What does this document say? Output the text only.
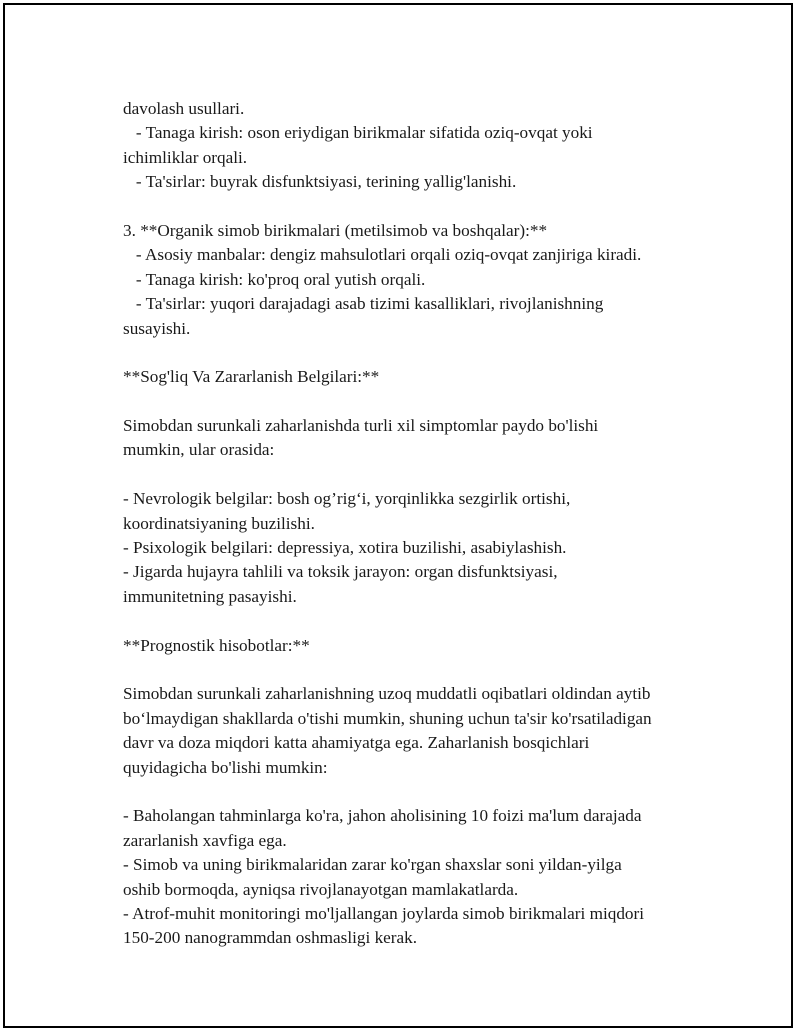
davolash usullari.
- Tanaga kirish: oson eriydigan birikmalar sifatida oziq-ovqat yoki
ichimliklar orqali.
- Ta'sirlar: buyrak disfunktsiyasi, terining yallig'lanishi.
3. **Organik simob birikmalari (metilsimob va boshqalar):**
- Asosiy manbalar: dengiz mahsulotlari orqali oziq-ovqat zanjiriga kiradi.
- Tanaga kirish: ko'proq oral yutish orqali.
- Ta'sirlar: yuqori darajadagi asab tizimi kasalliklari, rivojlanishning
susayishi.
**Sog'liq Va Zararlanish Belgilari:**
Simobdan surunkali zaharlanishda turli xil simptomlar paydo bo'lishi
mumkin, ular orasida:
- Nevrologik belgilar: bosh og’rig‘i, yorqinlikka sezgirlik ortishi,
koordinatsiyaning buzilishi.
- Psixologik belgilari: depressiya, xotira buzilishi, asabiylashish.
- Jigarda hujayra tahlili va toksik jarayon: organ disfunktsiyasi,
immunitetning pasayishi.
**Prognostik hisobotlar:**
Simobdan surunkali zaharlanishning uzoq muddatli oqibatlari oldindan aytib
bo‘lmaydigan shakllarda o'tishi mumkin, shuning uchun ta'sir ko'rsatiladigan
davr va doza miqdori katta ahamiyatga ega. Zaharlanish bosqichlari
quyidagicha bo'lishi mumkin:
- Baholangan tahminlarga ko'ra, jahon aholisining 10 foizi ma'lum darajada
zararlanish xavfiga ega.
- Simob va uning birikmalaridan zarar ko'rgan shaxslar soni yildan-yilga
oshib bormoqda, ayniqsa rivojlanayotgan mamlakatlarda.
- Atrof-muhit monitoringi mo'ljallangan joylarda simob birikmalari miqdori
150-200 nanogrammdan oshmasligi kerak.
